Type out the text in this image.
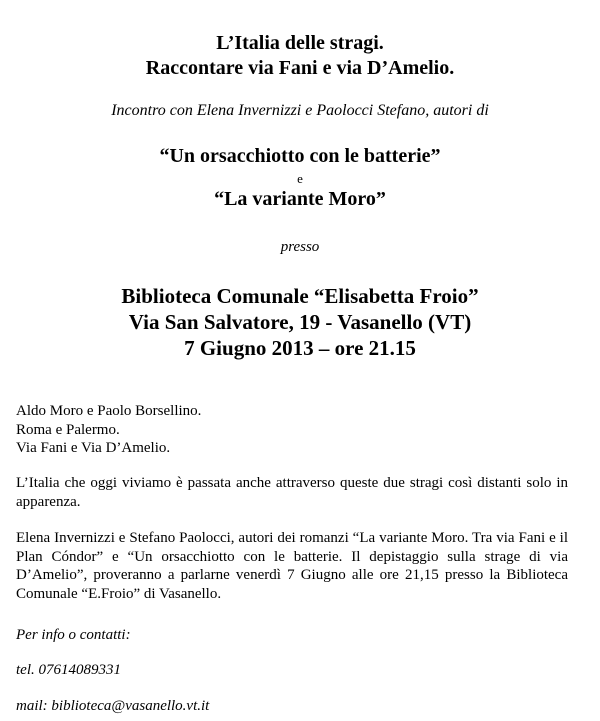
L’Italia delle stragi.
Raccontare via Fani e via D’Amelio.
Incontro con Elena Invernizzi e Paolocci Stefano, autori di
“Un orsacchiotto con le batterie”
e
“La variante Moro”
presso
Biblioteca Comunale “Elisabetta Froio”
Via San Salvatore, 19 - Vasanello (VT)
7 Giugno 2013 – ore 21.15

Aldo Moro e Paolo Borsellino.

Roma e Palermo.

Via Fani e Via D’Amelio.

L’Italia che oggi viviamo è passata anche attraverso queste due stragi così distanti solo in apparenza.

Elena Invernizzi e Stefano Paolocci, autori dei romanzi “La variante Moro. Tra via Fani e il Plan Cóndor” e “Un orsacchiotto con le batterie. Il depistaggio sulla strage di via D’Amelio”, proveranno a parlarne venerdì 7 Giugno alle ore 21,15 presso la Biblioteca Comunale “E.Froio” di Vasanello.

Per info o contatti:
tel. 07614089331
mail: biblioteca@vasanello.vt.it
